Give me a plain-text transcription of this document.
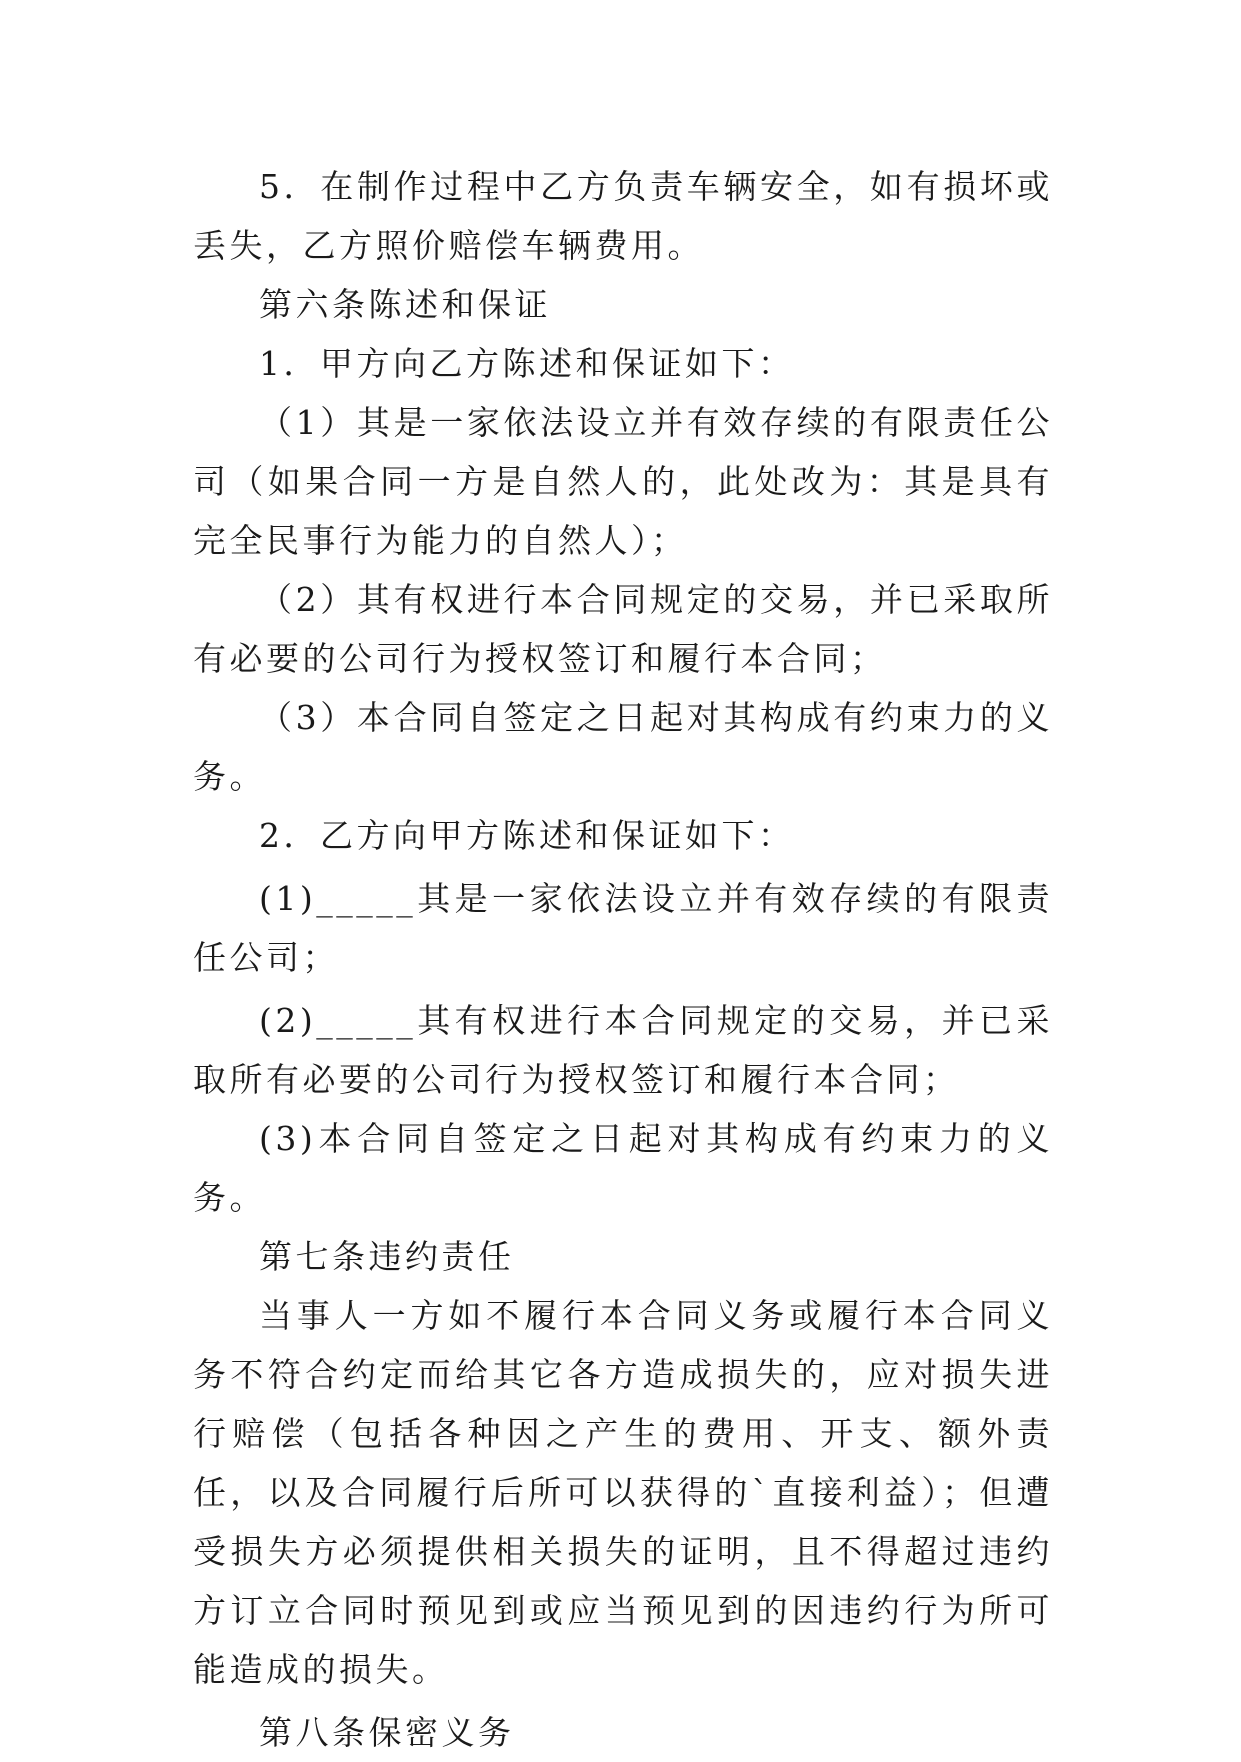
5．在制作过程中乙方负责车辆安全，如有损坏或丢失，乙方照价赔偿车辆费用。

第六条陈述和保证

1．甲方向乙方陈述和保证如下：

（1）其是一家依法设立并有效存续的有限责任公司（如果合同一方是自然人的，此处改为：其是具有完全民事行为能力的自然人）；

（2）其有权进行本合同规定的交易，并已采取所有必要的公司行为授权签订和履行本合同；

（3）本合同自签定之日起对其构成有约束力的义务。

2．乙方向甲方陈述和保证如下：

(1)_____其是一家依法设立并有效存续的有限责任公司；

(2)_____其有权进行本合同规定的交易，并已采取所有必要的公司行为授权签订和履行本合同；

(3)本合同自签定之日起对其构成有约束力的义务。

第七条违约责任

当事人一方如不履行本合同义务或履行本合同义务不符合约定而给其它各方造成损失的，应对损失进行赔偿（包括各种因之产生的费用、开支、额外责任，以及合同履行后所可以获得的`直接利益）；但遭受损失方必须提供相关损失的证明，且不得超过违约方订立合同时预见到或应当预见到的因违约行为所可能造成的损失。

第八条保密义务
